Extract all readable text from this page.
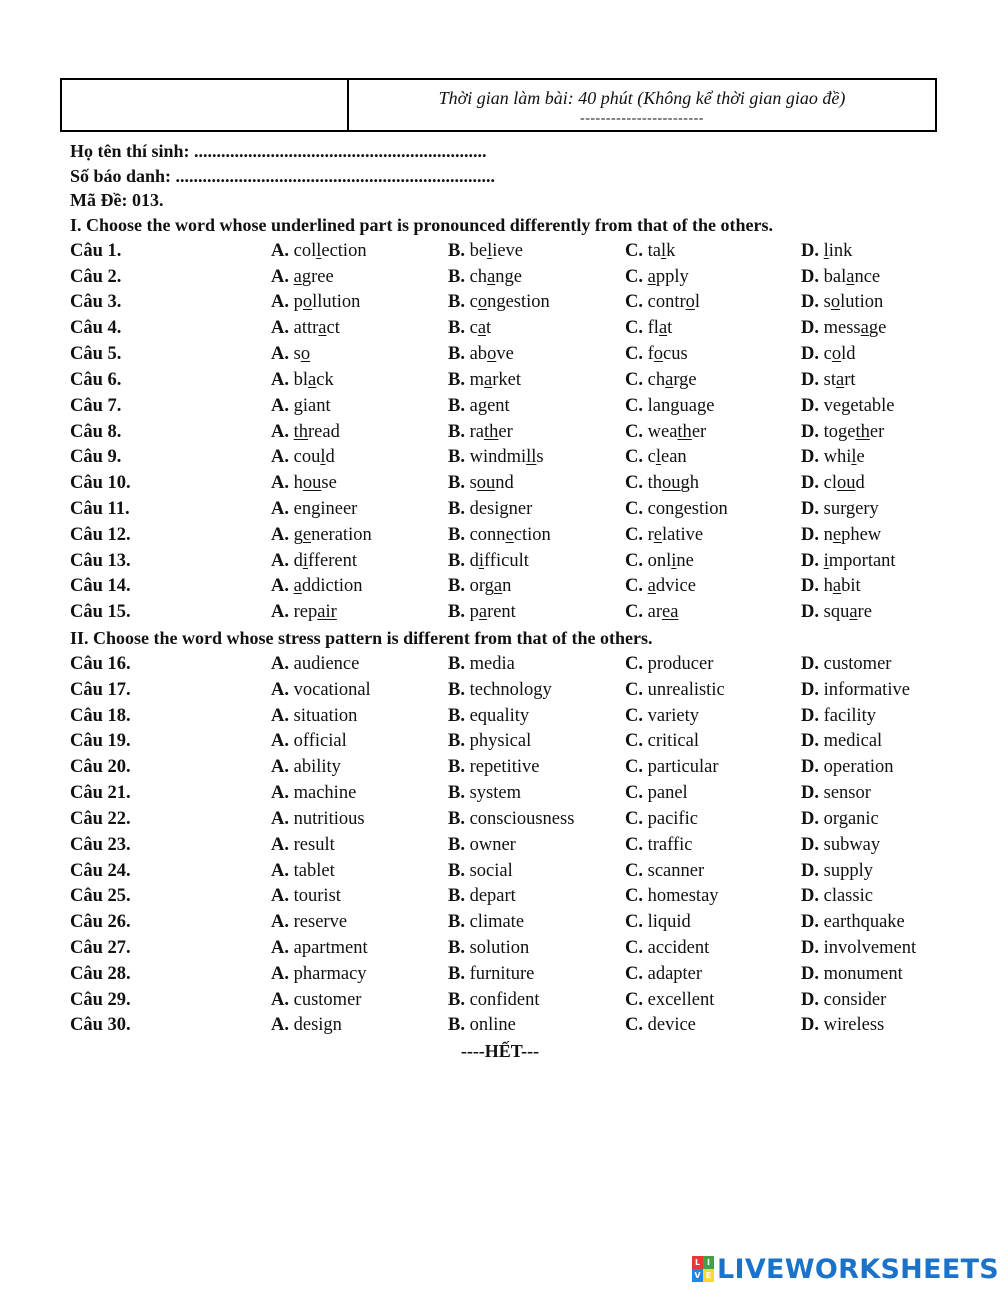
Thời gian làm bài: 40 phút (Không kể thời gian giao đề)
------------------------
Họ tên thí sinh: .................................................................
Số báo danh: .......................................................................
Mã Đề: 013.
I. Choose the word whose underlined part is pronounced differently from that of the others.
Câu 1.	A. collection	B. believe	C. talk	D. link
Câu 2.	A. agree	B. change	C. apply	D. balance
Câu 3.	A. pollution	B. congestion	C. control	D. solution
Câu 4.	A. attract	B. cat	C. flat	D. message
Câu 5.	A. so	B. above	C. focus	D. cold
Câu 6.	A. black	B. market	C. charge	D. start
Câu 7.	A. giant	B. agent	C. language	D. vegetable
Câu 8.	A. thread	B. rather	C. weather	D. together
Câu 9.	A. could	B. windmills	C. clean	D. while
Câu 10.	A. house	B. sound	C. though	D. cloud
Câu 11.	A. engineer	B. designer	C. congestion	D. surgery
Câu 12.	A. generation	B. connection	C. relative	D. nephew
Câu 13.	A. different	B. difficult	C. online	D. important
Câu 14.	A. addiction	B. organ	C. advice	D. habit
Câu 15.	A. repair	B. parent	C. area	D. square
II. Choose the word whose stress pattern is different from that of the others.
Câu 16.	A. audience	B. media	C. producer	D. customer
Câu 17.	A. vocational	B. technology	C. unrealistic	D. informative
Câu 18.	A. situation	B. equality	C. variety	D. facility
Câu 19.	A. official	B. physical	C. critical	D. medical
Câu 20.	A. ability	B. repetitive	C. particular	D. operation
Câu 21.	A. machine	B. system	C. panel	D. sensor
Câu 22.	A. nutritious	B. consciousness	C. pacific	D. organic
Câu 23.	A. result	B. owner	C. traffic	D. subway
Câu 24.	A. tablet	B. social	C. scanner	D. supply
Câu 25.	A. tourist	B. depart	C. homestay	D. classic
Câu 26.	A. reserve	B. climate	C. liquid	D. earthquake
Câu 27.	A. apartment	B. solution	C. accident	D. involvement
Câu 28.	A. pharmacy	B. furniture	C. adapter	D. monument
Câu 29.	A. customer	B. confident	C. excellent	D. consider
Câu 30.	A. design	B. online	C. device	D. wireless
----HẾT---
L I
V E LIVEWORKSHEETS
